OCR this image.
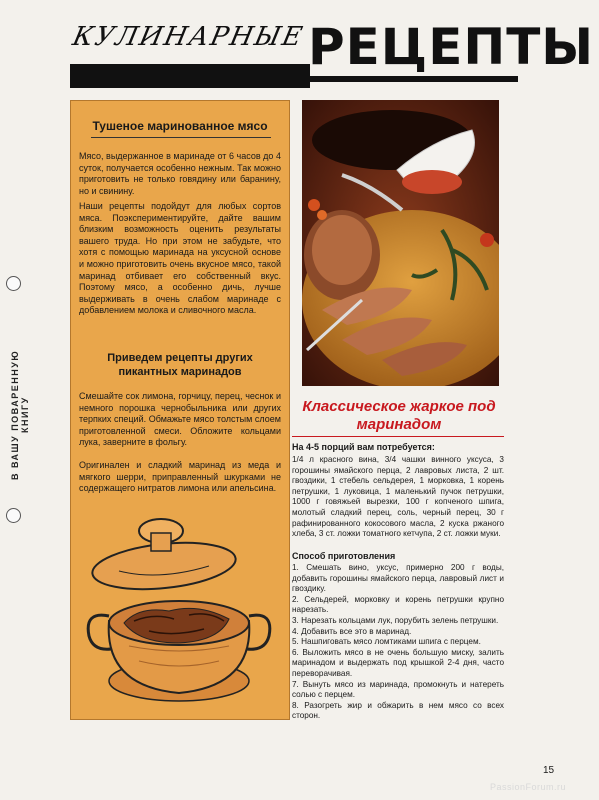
КУЛИНАРНЫЕ РЕЦЕПТЫ
В ВАШУ ПОВАРЕННУЮ КНИГУ
Тушеное маринованное мясо
Мясо, выдержанное в маринаде от 6 часов до 4 суток, получается особенно нежным. Так можно приготовить не только говядину или баранину, но и свинину.
Наши рецепты подойдут для любых сортов мяса. Поэкспериментируйте, дайте вашим близким возможность оценить результаты вашего труда. Но при этом не забудьте, что хотя с помощью маринада на уксусной основе и можно приготовить очень вкусное мясо, такой маринад отбивает его собственный вкус. Поэтому мясо, а особенно дичь, лучше выдерживать в очень слабом маринаде с добавлением молока и сливочного масла.
Приведем рецепты других пикантных маринадов
Смешайте сок лимона, горчицу, перец, чеснок и немного порошка чернобыльника или других терпких специй. Обмажьте мясо толстым слоем приготовленной смеси. Обложите кольцами лука, заверните в фольгу.
Оригинален и сладкий маринад из меда и мягкого шерри, приправленный шкурками не содержащего нитратов лимона или апельсина.
Классическое жаркое под маринадом
На 4-5 порций вам потребуется:
1/4 л красного вина, 3/4 чашки винного уксуса, 3 горошины ямайского перца, 2 лавровых листа, 2 шт. гвоздики, 1 стебель сельдерея, 1 морковка, 1 корень петрушки, 1 луковица, 1 маленький пучок петрушки, 1000 г говяжьей вырезки, 100 г копченого шпига, молотый сладкий перец, соль, черный перец, 30 г рафинированного кокосового масла, 2 куска ржаного хлеба, 3 ст. ложки томатного кетчупа, 2 ст. ложки муки.
Способ приготовления
1. Смешать вино, уксус, примерно 200 г воды, добавить горошины ямайского перца, лавровый лист и гвоздику.
2. Сельдерей, морковку и корень петрушки крупно нарезать.
3. Нарезать кольцами лук, порубить зелень петрушки.
4. Добавить все это в маринад.
5. Нашпиговать мясо ломтиками шпига с перцем.
6. Выложить мясо в не очень большую миску, залить маринадом и выдержать под крышкой 2-4 дня, часто переворачивая.
7. Вынуть мясо из маринада, промокнуть и натереть солью с перцем.
8. Разогреть жир и обжарить в нем мясо со всех сторон.
15
PassionForum.ru
